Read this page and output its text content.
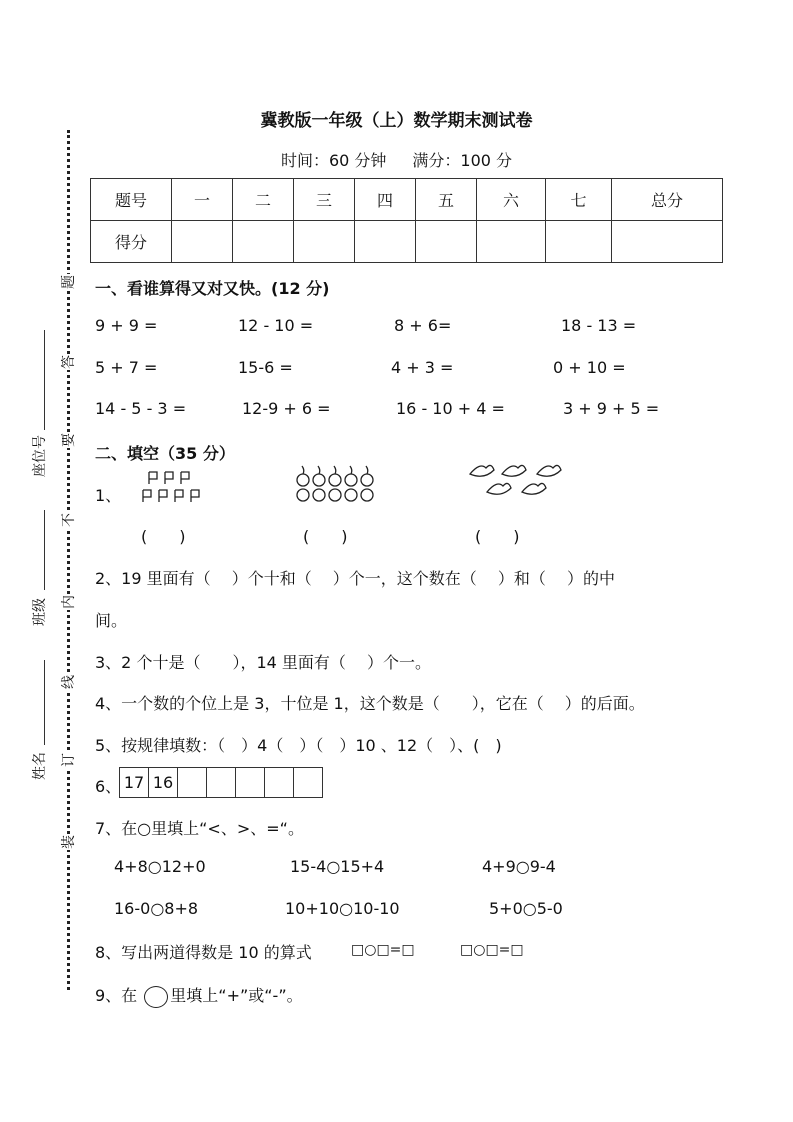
题
答
要
不
内
线
订
装
座位号
班级
姓名
冀教版一年级（上）数学期末测试卷
时间：60 分钟 满分：100 分
题号	一	二	三	四	五	六	七	总分
得分								
一、看谁算得又对又快。(12 分)
9 + 9 =	12 - 10 =	8 + 6=	18 - 13 =
5 + 7 =	15-6 =	4 + 3 =	0 + 10 =
14 - 5 - 3 =	12-9 + 6 =	16 - 10 + 4 =	3 + 9 + 5 =
二、填空（35 分）
1、
(　　)	(　　)	(　　)
2、19 里面有（　 ）个十和（　 ）个一，这个数在（　 ）和（　 ）的中
间。
3、2 个十是（　　），14 里面有（　 ）个一。
4、一个数的个位上是 3，十位是 1，这个数是（　　），它在（　 ）的后面。
5、按规律填数：（　）4（　）（　）10 、12（　）、(　)
6、 17 16
7、在○里填上“<、>、=“。
4+8○12+0	15-4○15+4	4+9○9-4
16-0○8+8	10+10○10-10	5+0○5-0
8、写出两道得数是 10 的算式	□○□=□	□○□=□
9、在 里填上“+”或“-”。
